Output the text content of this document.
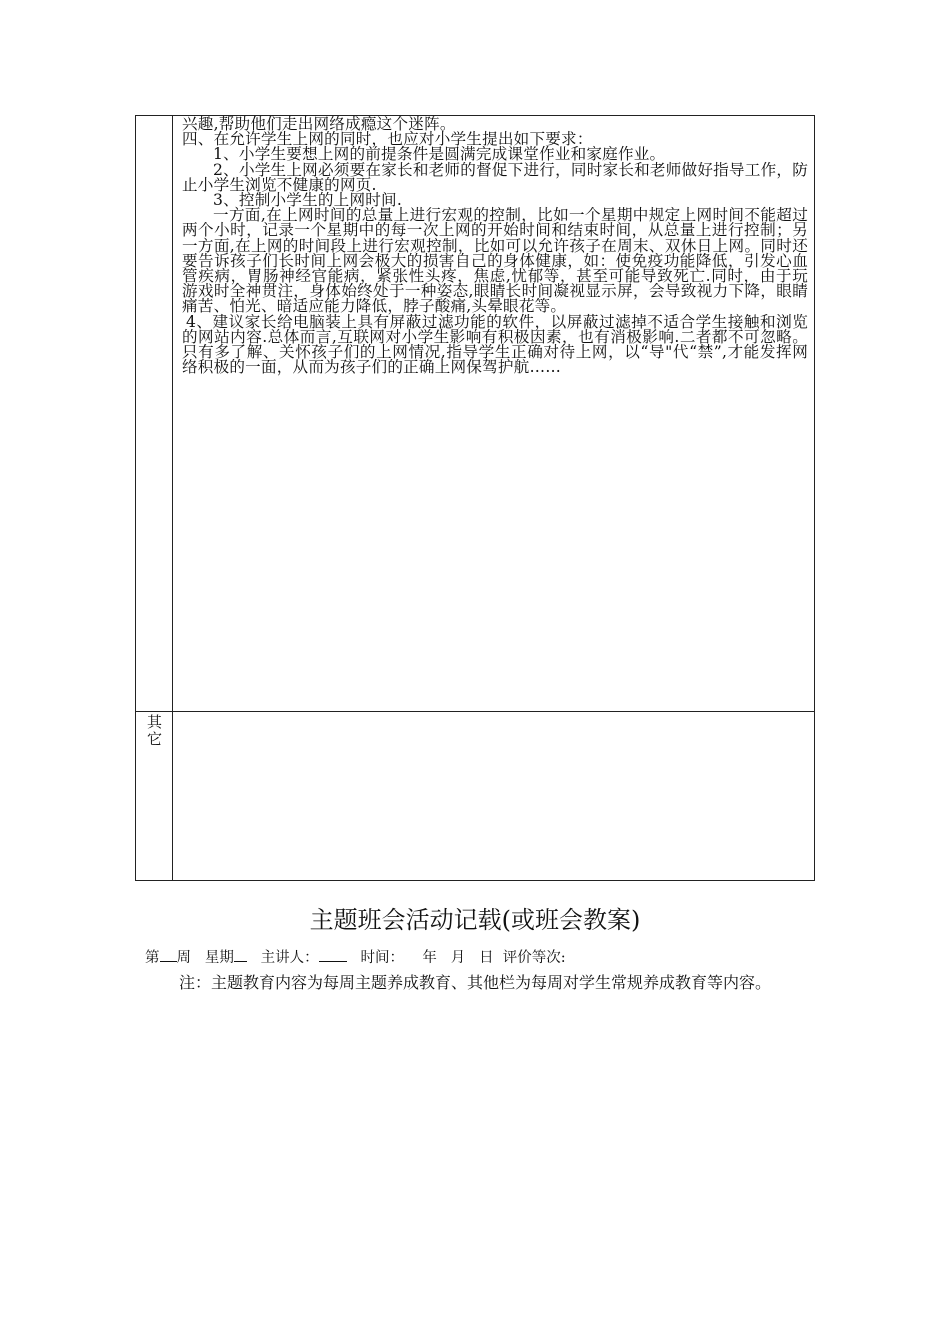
兴趣,帮助他们走出网络成瘾这个迷阵。

四、在允许学生上网的同时，也应对小学生提出如下要求：

1、小学生要想上网的前提条件是圆满完成课堂作业和家庭作业。

2、小学生上网必须要在家长和老师的督促下进行，同时家长和老师做好指导工作，防止小学生浏览不健康的网页.

3、控制小学生的上网时间.

一方面,在上网时间的总量上进行宏观的控制，比如一个星期中规定上网时间不能超过两个小时，记录一个星期中的每一次上网的开始时间和结束时间，从总量上进行控制；另一方面,在上网的时间段上进行宏观控制，比如可以允许孩子在周末、双休日上网。同时还要告诉孩子们长时间上网会极大的损害自己的身体健康，如：使免疫功能降低，引发心血管疾病，胃肠神经官能病，紧张性头疼，焦虑,忧郁等，甚至可能导致死亡.同时，由于玩游戏时全神贯注，身体始终处于一种姿态,眼睛长时间凝视显示屏，会导致视力下降，眼睛痛苦、怕光、暗适应能力降低，脖子酸痛,头晕眼花等。

4、建议家长给电脑装上具有屏蔽过滤功能的软件，以屏蔽过滤掉不适合学生接触和浏览的网站内容.总体而言,互联网对小学生影响有积极因素，也有消极影响.二者都不可忽略。只有多了解、关怀孩子们的上网情况,指导学生正确对待上网，以“导"代“禁”,才能发挥网络积极的一面，从而为孩子们的正确上网保驾护航……

其它
主题班会活动记载(或班会教案)
第 周 星期 主讲人：	时间： 年 月 日 评价等次:
注：主题教育内容为每周主题养成教育、其他栏为每周对学生常规养成教育等内容。
